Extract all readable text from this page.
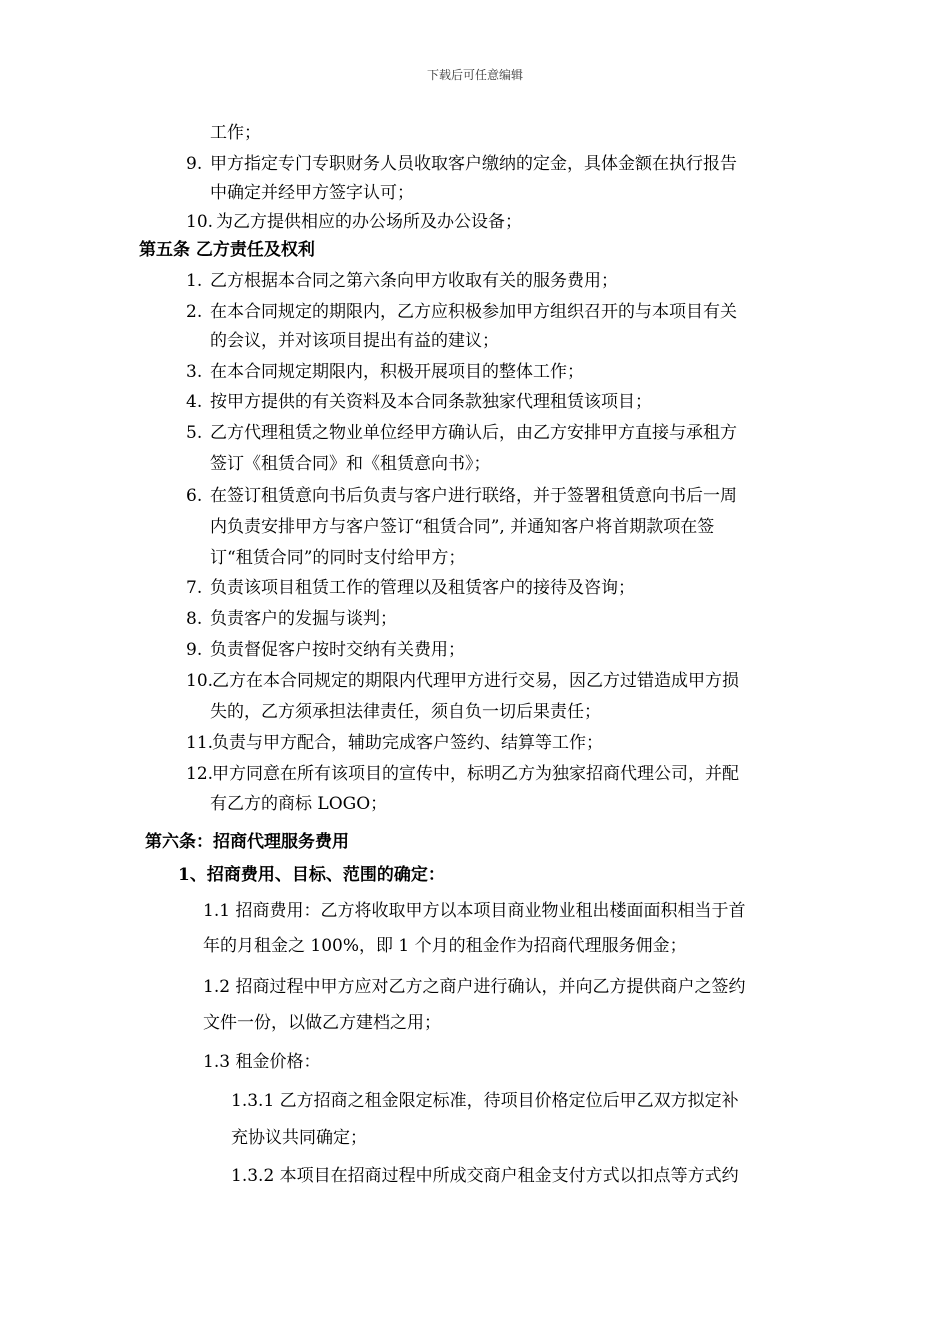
下载后可任意编辑
工作；
9. 甲方指定专门专职财务人员收取客户缴纳的定金，具体金额在执行报告
中确定并经甲方签字认可；
10. 为乙方提供相应的办公场所及办公设备；
第五条 乙方责任及权利
1. 乙方根据本合同之第六条向甲方收取有关的服务费用；
2. 在本合同规定的期限内，乙方应积极参加甲方组织召开的与本项目有关
的会议，并对该项目提出有益的建议；
3. 在本合同规定期限内，积极开展项目的整体工作；
4. 按甲方提供的有关资料及本合同条款独家代理租赁该项目；
5. 乙方代理租赁之物业单位经甲方确认后，由乙方安排甲方直接与承租方
签订《租赁合同》和《租赁意向书》；
6. 在签订租赁意向书后负责与客户进行联络，并于签署租赁意向书后一周
内负责安排甲方与客户签订“租赁合同”, 并通知客户将首期款项在签
订“租赁合同”的同时支付给甲方；
7. 负责该项目租赁工作的管理以及租赁客户的接待及咨询；
8. 负责客户的发掘与谈判；
9. 负责督促客户按时交纳有关费用；
10.
乙方在本合同规定的期限内代理甲方进行交易，因乙方过错造成甲方损
失的，乙方须承担法律责任，须自负一切后果责任；
11.
负责与甲方配合，辅助完成客户签约、结算等工作；
12.
甲方同意在所有该项目的宣传中，标明乙方为独家招商代理公司，并配
有乙方的商标 LOGO；
第六条：招商代理服务费用
1、招商费用、目标、范围的确定：
1.1 招商费用：乙方将收取甲方以本项目商业物业租出楼面面积相当于首
年的月租金之 100%，即 1 个月的租金作为招商代理服务佣金；
1.2 招商过程中甲方应对乙方之商户进行确认，并向乙方提供商户之签约
文件一份，以做乙方建档之用；
1.3 租金价格：
1.3.1 乙方招商之租金限定标准，待项目价格定位后甲乙双方拟定补
充协议共同确定；
1.3.2 本项目在招商过程中所成交商户租金支付方式以扣点等方式约
